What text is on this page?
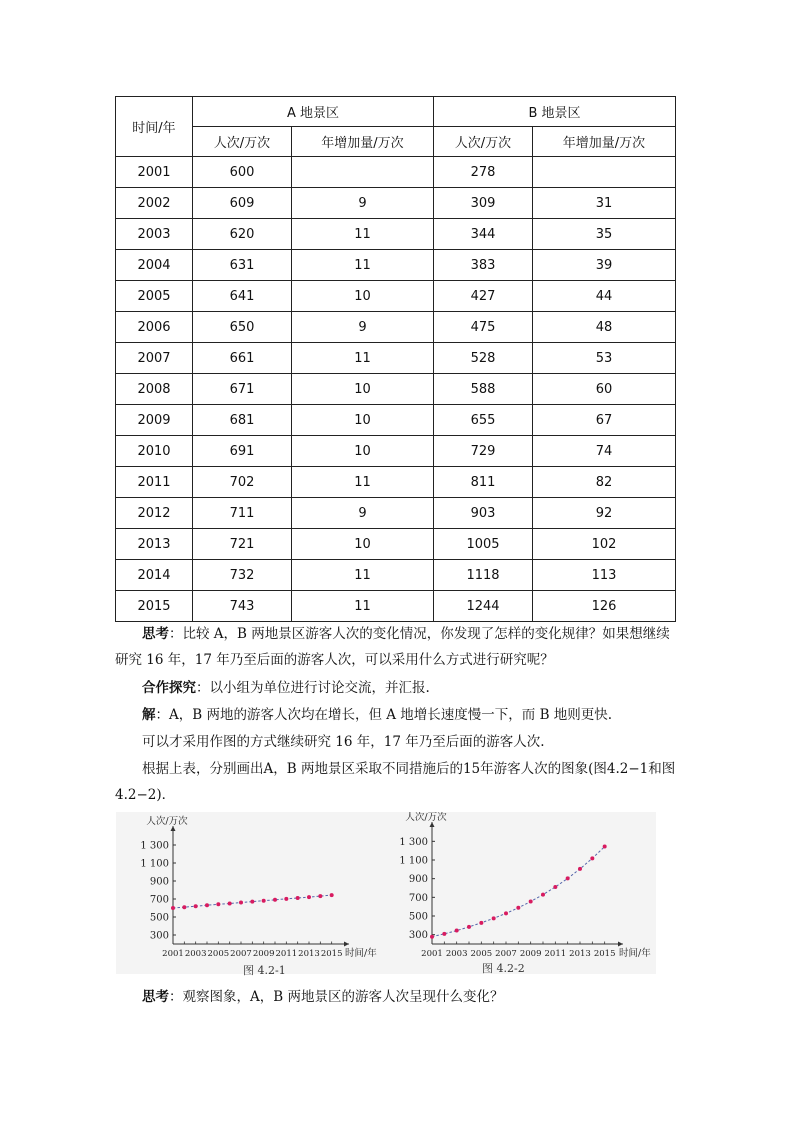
时间/年	A 地景区		B 地景区	
	人次/万次	年增加量/万次	人次/万次	年增加量/万次
2001	600		278	
2002	609	9	309	31
2003	620	11	344	35
2004	631	11	383	39
2005	641	10	427	44
2006	650	9	475	48
2007	661	11	528	53
2008	671	10	588	60
2009	681	10	655	67
2010	691	10	729	74
2011	702	11	811	82
2012	711	9	903	92
2013	721	10	1005	102
2014	732	11	1118	113
2015	743	11	1244	126
思考：比较 A，B 两地景区游客人次的变化情况，你发现了怎样的变化规律？如果想继续研究 16 年，17 年乃至后面的游客人次，可以采用什么方式进行研究呢？
合作探究：以小组为单位进行讨论交流，并汇报.
解：A，B 两地的游客人次均在增长，但 A 地增长速度慢一下，而 B 地则更快.
可以才采用作图的方式继续研究 16 年，17 年乃至后面的游客人次.
根据上表，分别画出A，B 两地景区采取不同措施后的15年游客人次的图象(图4.2−1和图4.2−2)．
300
500
700
900
1 100
1 300
2001 2003 2005 2007 2009 2011 2013 2015
人次/万次
时间/年
300
500
700
900
1 100
1 300
2001 2003 2005 2007 2009 2011 2013 2015
人次/万次
时间/年
图 4.2-1	图 4.2-2
思考：观察图象，A，B 两地景区的游客人次呈现什么变化？
